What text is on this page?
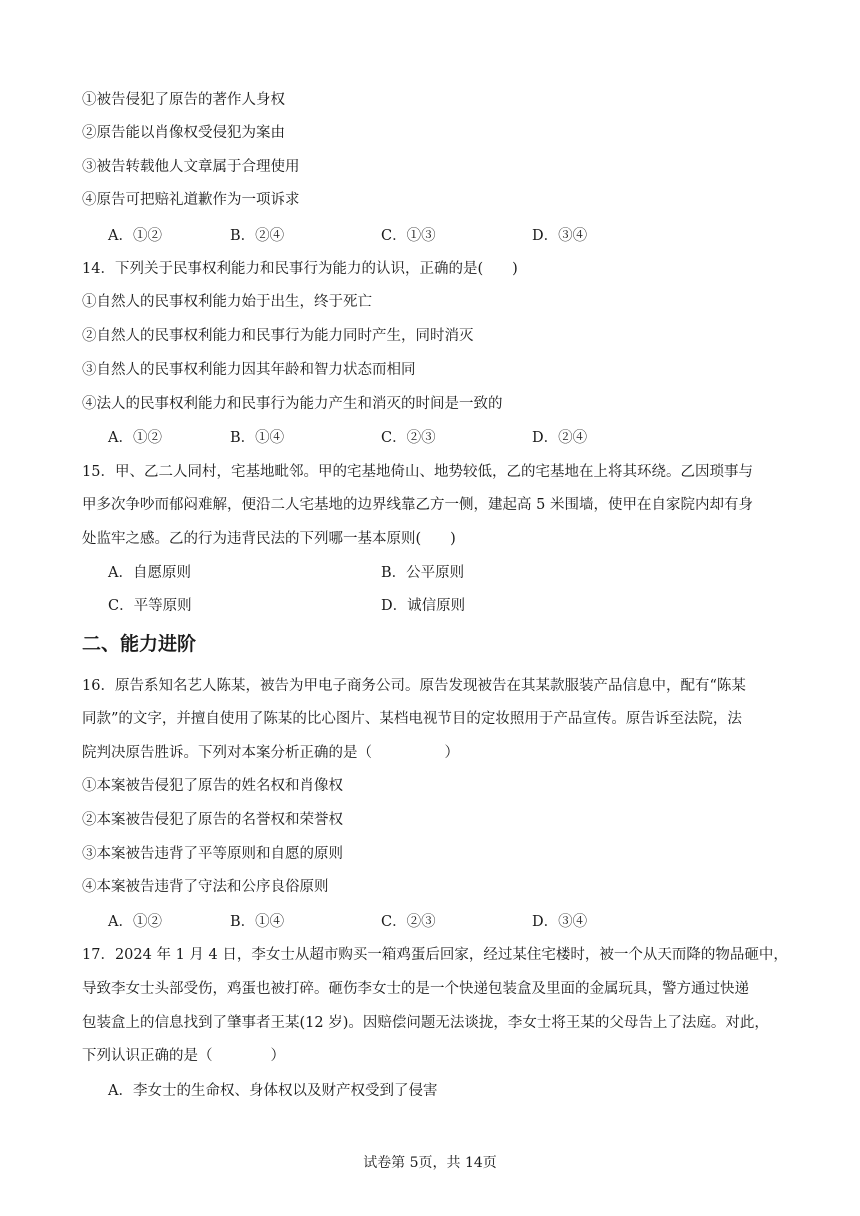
①被告侵犯了原告的著作人身权
②原告能以肖像权受侵犯为案由
③被告转载他人文章属于合理使用
④原告可把赔礼道歉作为一项诉求
A．①②	B．②④	C．①③	D．③④
14．下列关于民事权利能力和民事行为能力的认识，正确的是(　　)
①自然人的民事权利能力始于出生，终于死亡
②自然人的民事权利能力和民事行为能力同时产生，同时消灭
③自然人的民事权利能力因其年龄和智力状态而相同
④法人的民事权利能力和民事行为能力产生和消灭的时间是一致的
A．①②	B．①④	C．②③	D．②④
15．甲、乙二人同村，宅基地毗邻。甲的宅基地倚山、地势较低，乙的宅基地在上将其环绕。乙因琐事与
甲多次争吵而郁闷难解，便沿二人宅基地的边界线靠乙方一侧，建起高 5 米围墙，使甲在自家院内却有身
处监牢之感。乙的行为违背民法的下列哪一基本原则(　　)
A．自愿原则	B．公平原则
C．平等原则	D．诚信原则
二、能力进阶
16．原告系知名艺人陈某，被告为甲电子商务公司。原告发现被告在其某款服装产品信息中，配有“陈某
同款”的文字，并擅自使用了陈某的比心图片、某档电视节目的定妆照用于产品宣传。原告诉至法院，法
院判决原告胜诉。下列对本案分析正确的是（　　　　　）
①本案被告侵犯了原告的姓名权和肖像权
②本案被告侵犯了原告的名誉权和荣誉权
③本案被告违背了平等原则和自愿的原则
④本案被告违背了守法和公序良俗原则
A．①②	B．①④	C．②③	D．③④
17．2024 年 1 月 4 日，李女士从超市购买一箱鸡蛋后回家，经过某住宅楼时，被一个从天而降的物品砸中，
导致李女士头部受伤，鸡蛋也被打碎。砸伤李女士的是一个快递包装盒及里面的金属玩具，警方通过快递
包装盒上的信息找到了肇事者王某(12 岁)。因赔偿问题无法谈拢，李女士将王某的父母告上了法庭。对此，
下列认识正确的是（　　　　）
A．李女士的生命权、身体权以及财产权受到了侵害
试卷第 5页，共 14页
